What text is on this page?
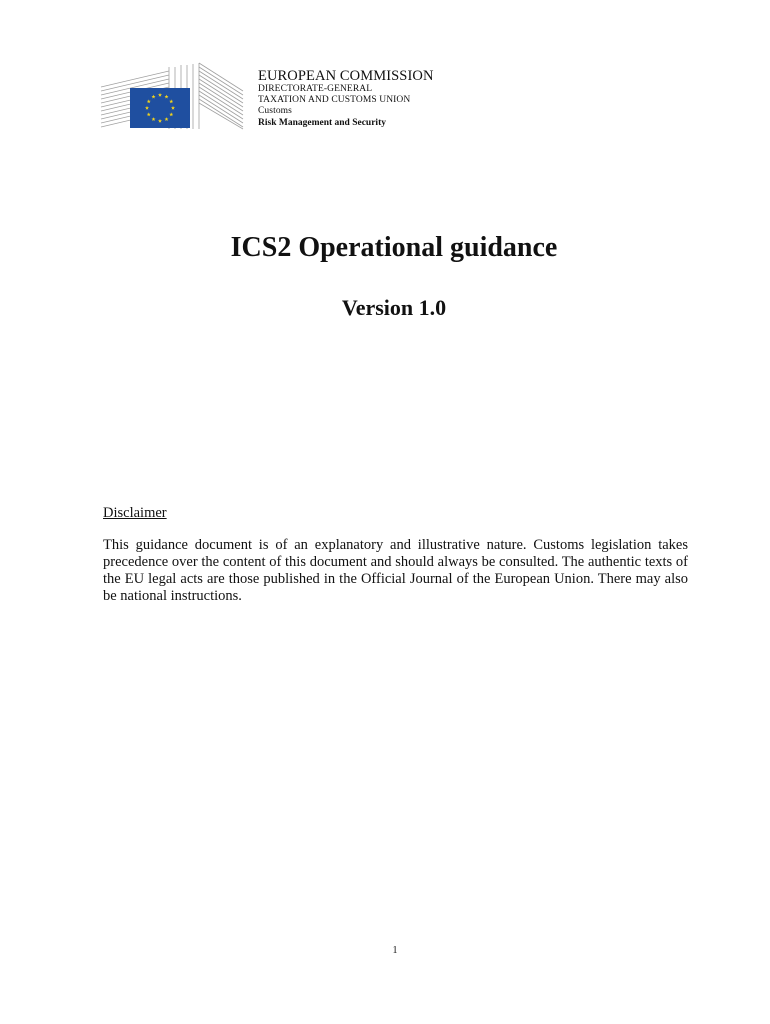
EUROPEAN COMMISSION
DIRECTORATE-GENERAL
TAXATION AND CUSTOMS UNION
Customs
Risk Management and Security
ICS2 Operational guidance
Version 1.0
Disclaimer

This guidance document is of an explanatory and illustrative nature. Customs legislation takes precedence over the content of this document and should always be consulted. The authentic texts of the EU legal acts are those published in the Official Journal of the European Union. There may also be national instructions.

1
